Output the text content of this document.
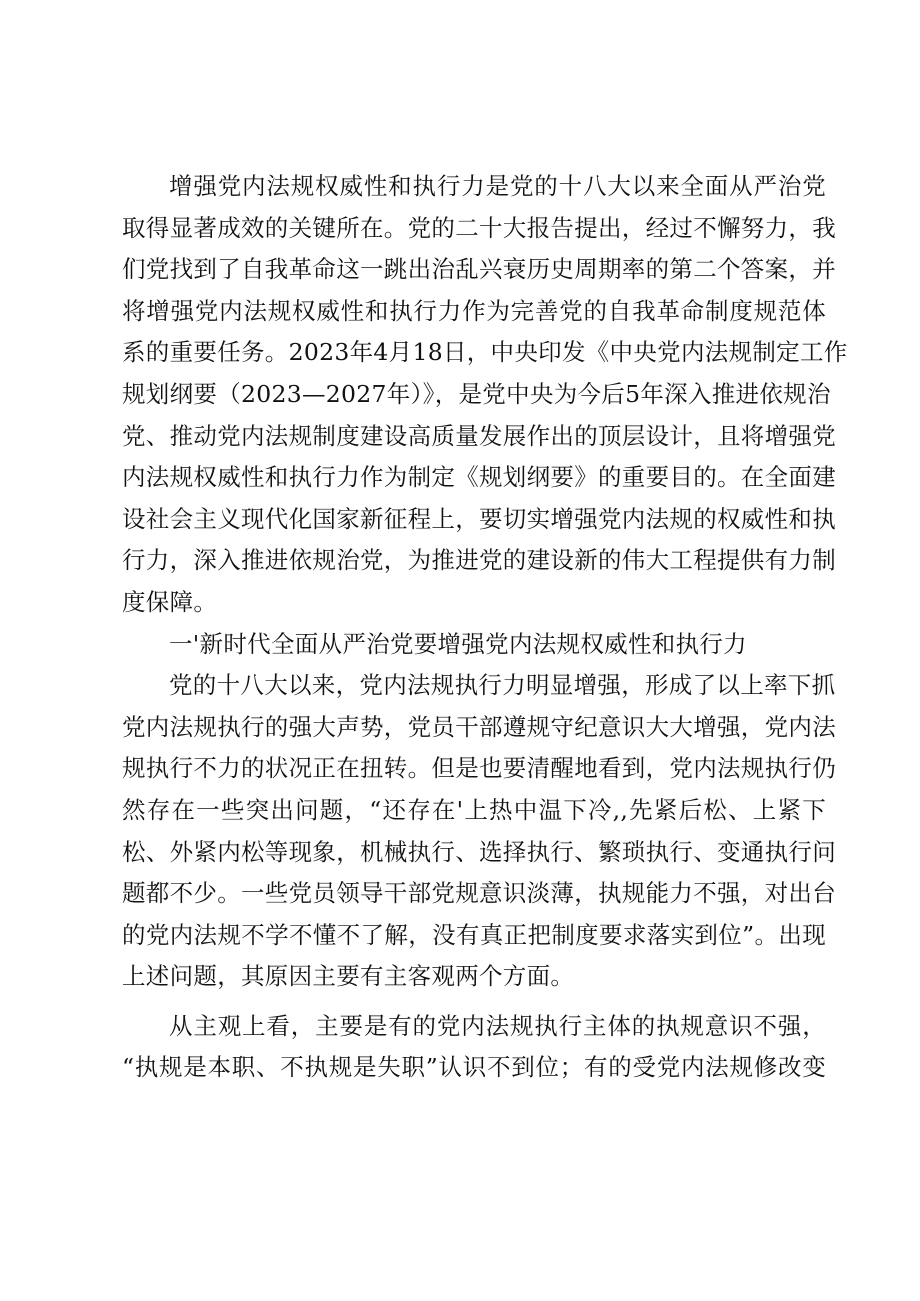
增强党内法规权威性和执行力是党的十八大以来全面从严治党
取得显著成效的关键所在。党的二十大报告提出，经过不懈努力，我
们党找到了自我革命这一跳出治乱兴衰历史周期率的第二个答案，并
将增强党内法规权威性和执行力作为完善党的自我革命制度规范体
系的重要任务。2023年4月18日，中央印发《中央党内法规制定工作
规划纲要（2023—2027年）》，是党中央为今后5年深入推进依规治
党、推动党内法规制度建设高质量发展作出的顶层设计，且将增强党
内法规权威性和执行力作为制定《规划纲要》的重要目的。在全面建
设社会主义现代化国家新征程上，要切实增强党内法规的权威性和执
行力，深入推进依规治党，为推进党的建设新的伟大工程提供有力制
度保障。

一'新时代全面从严治党要增强党内法规权威性和执行力

党的十八大以来，党内法规执行力明显增强，形成了以上率下抓
党内法规执行的强大声势，党员干部遵规守纪意识大大增强，党内法
规执行不力的状况正在扭转。但是也要清醒地看到，党内法规执行仍
然存在一些突出问题，“还存在'上热中温下冷,,先紧后松、上紧下
松、外紧内松等现象，机械执行、选择执行、繁琐执行、变通执行问
题都不少。一些党员领导干部党规意识淡薄，执规能力不强，对出台
的党内法规不学不懂不了解，没有真正把制度要求落实到位”。出现
上述问题，其原因主要有主客观两个方面。

从主观上看，主要是有的党内法规执行主体的执规意识不强，
“执规是本职、不执规是失职”认识不到位；有的受党内法规修改变
